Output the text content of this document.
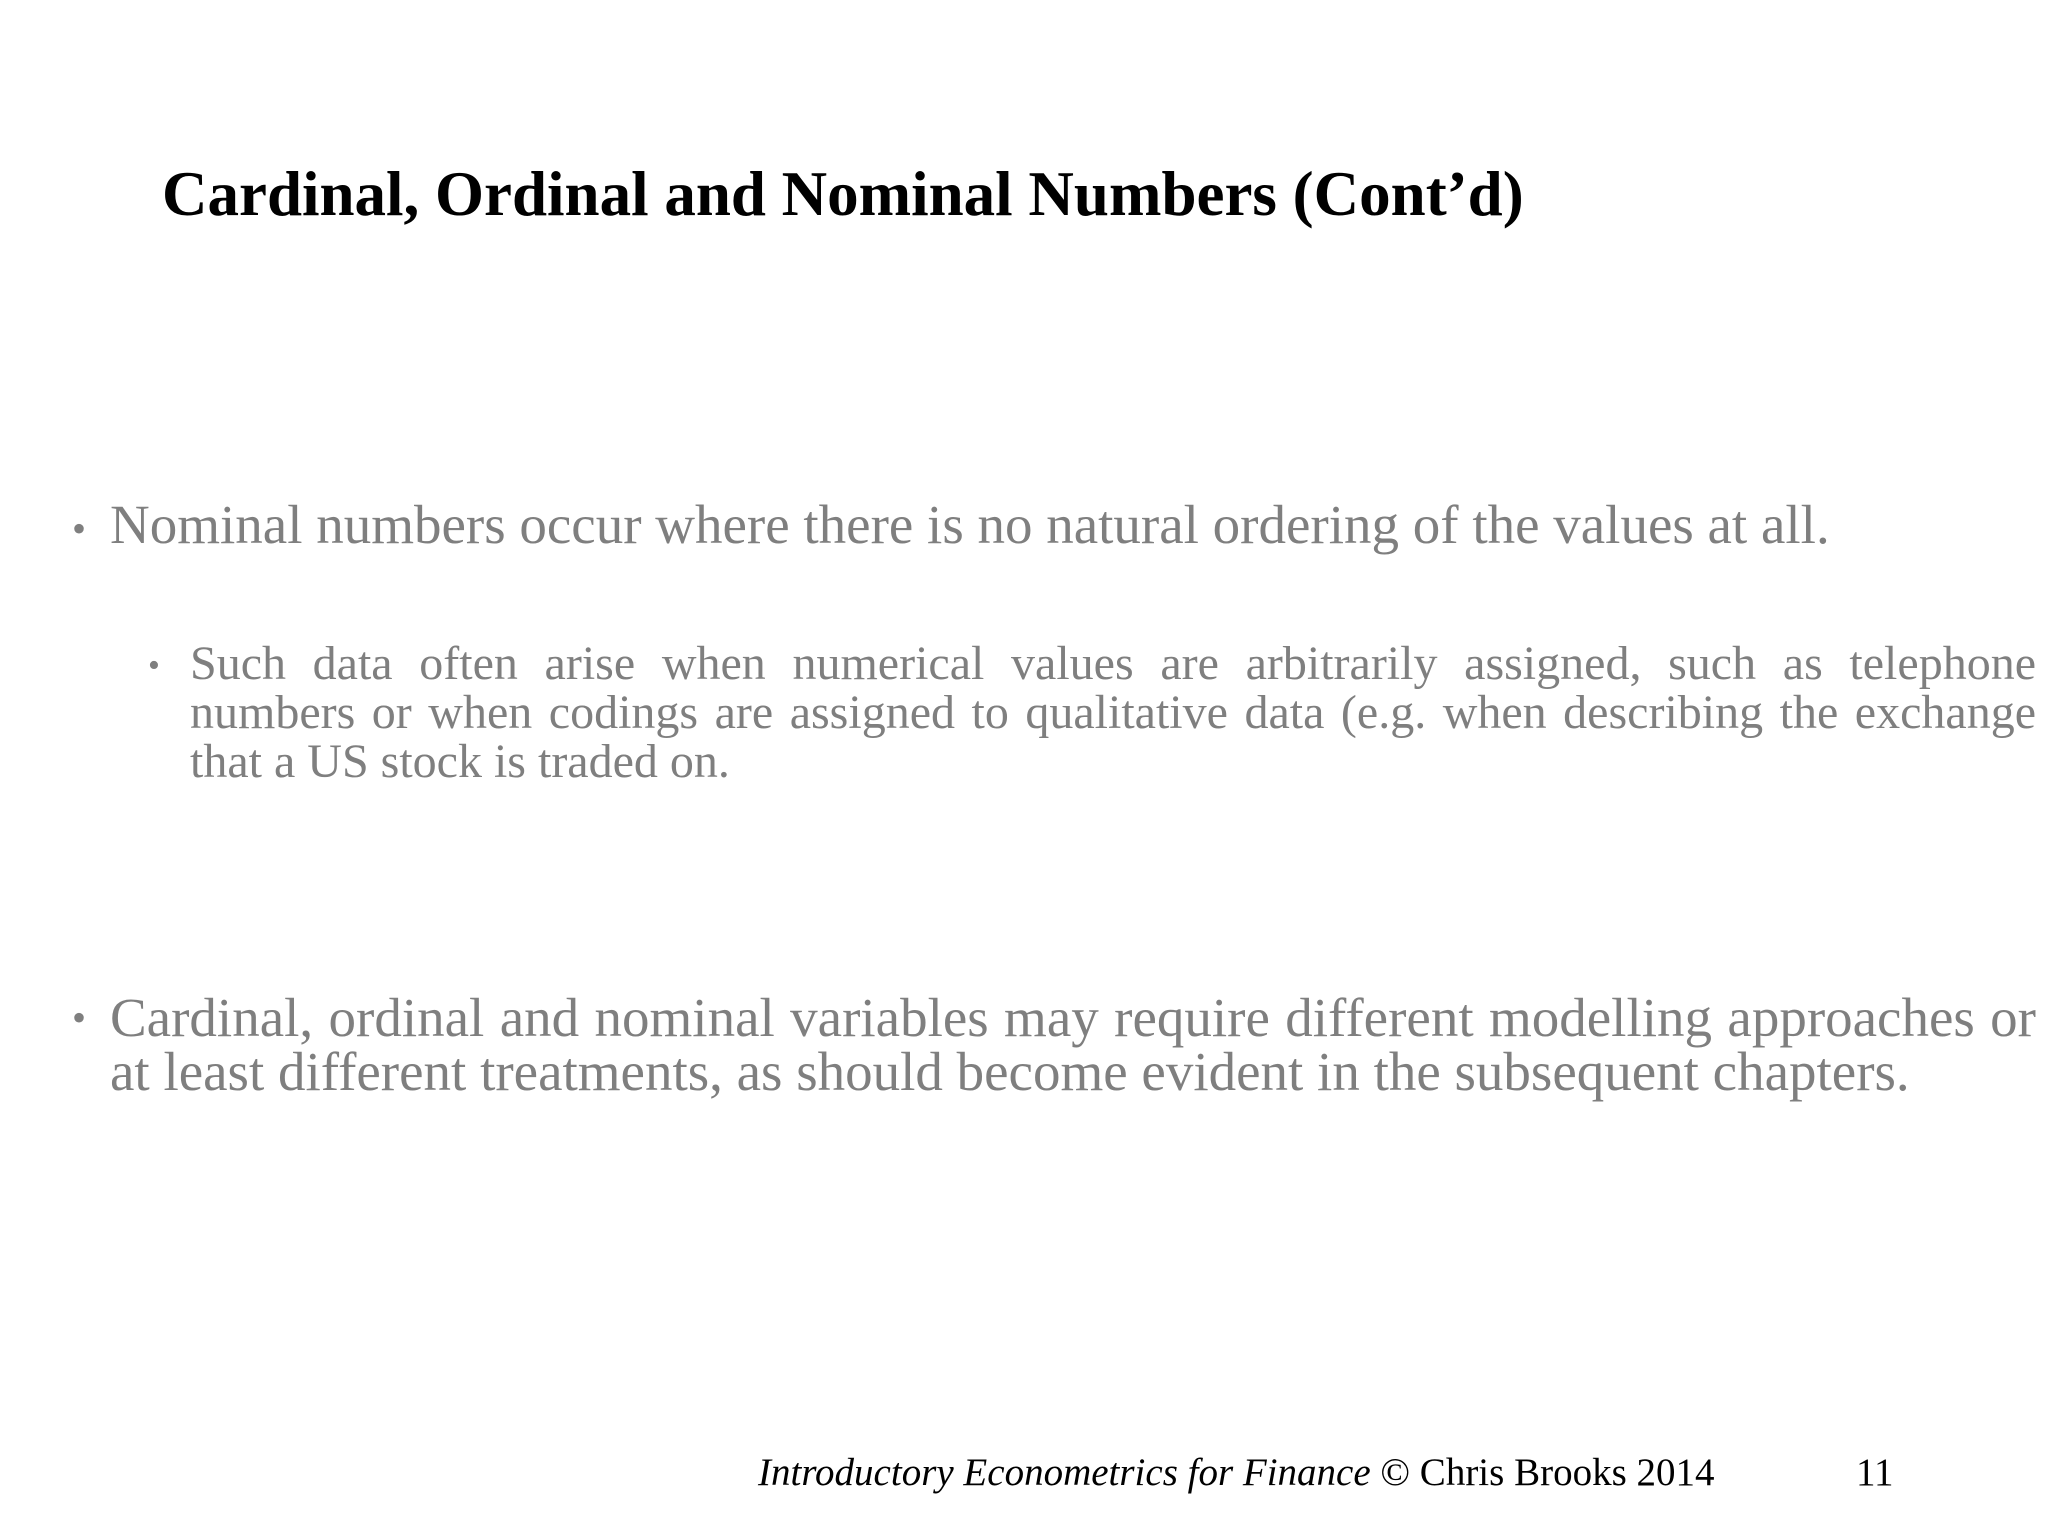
Cardinal, Ordinal and Nominal Numbers (Cont’d)
• Nominal numbers occur where there is no natural ordering of the values at all.
• Such data often arise when numerical values are arbitrarily assigned, such as telephone numbers or when codings are assigned to qualitative data (e.g. when describing the exchange that a US stock is traded on.
• Cardinal, ordinal and nominal variables may require different modelling approaches or at least different treatments, as should become evident in the subsequent chapters.
Introductory Econometrics for Finance © Chris Brooks 2014	11
